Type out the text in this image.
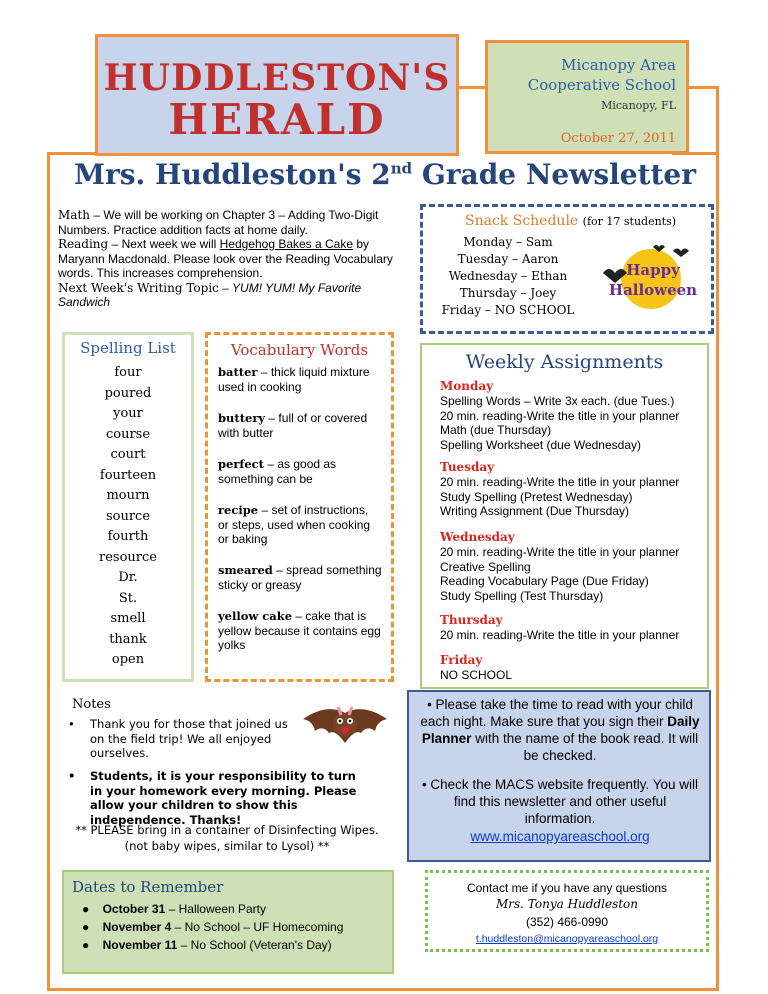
HUDDLESTON'S
HERALD
Micanopy Area
Cooperative School
Micanopy, FL
October 27, 2011
Mrs. Huddleston's 2nd Grade Newsletter
Math – We will be working on Chapter 3 – Adding Two-Digit Numbers. Practice addition facts at home daily.
Reading – Next week we will Hedgehog Bakes a Cake by Maryann Macdonald. Please look over the Reading Vocabulary words. This increases comprehension.
Next Week's Writing Topic – YUM! YUM! My Favorite Sandwich
Snack Schedule (for 17 students)
Monday – Sam
Tuesday – Aaron
Wednesday – Ethan
Thursday – Joey
Friday – NO SCHOOL
Happy
Halloween
Spelling List
four
poured
your
course
court
fourteen
mourn
source
fourth
resource
Dr.
St.
smell
thank
open
Vocabulary Words
batter – thick liquid mixture used in cooking
buttery – full of or covered with butter
perfect – as good as something can be
recipe – set of instructions, or steps, used when cooking or baking
smeared – spread something sticky or greasy
yellow cake – cake that is yellow because it contains egg yolks
Weekly Assignments
Monday
Spelling Words – Write 3x each. (due Tues.)
20 min. reading-Write the title in your planner
Math (due Thursday)
Spelling Worksheet (due Wednesday)
Tuesday
20 min. reading-Write the title in your planner
Study Spelling (Pretest Wednesday)
Writing Assignment (Due Thursday)
Wednesday
20 min. reading-Write the title in your planner
Creative Spelling
Reading Vocabulary Page (Due Friday)
Study Spelling (Test Thursday)
Thursday
20 min. reading-Write the title in your planner
Friday
NO SCHOOL
Notes
• Thank you for those that joined us on the field trip! We all enjoyed ourselves.
• Students, it is your responsibility to turn in your homework every morning. Please allow your children to show this independence. Thanks!
** PLEASE bring in a container of Disinfecting Wipes.
(not baby wipes, similar to Lysol) **
• Please take the time to read with your child each night. Make sure that you sign their Daily Planner with the name of the book read. It will be checked.
• Check the MACS website frequently. You will find this newsletter and other useful information.
www.micanopyareaschool.org
Dates to Remember
●    October 31 – Halloween Party
●    November 4 – No School – UF Homecoming
●    November 11 – No School (Veteran's Day)
Contact me if you have any questions
Mrs. Tonya Huddleston
(352) 466-0990
t.huddleston@micanopyareaschool.org
